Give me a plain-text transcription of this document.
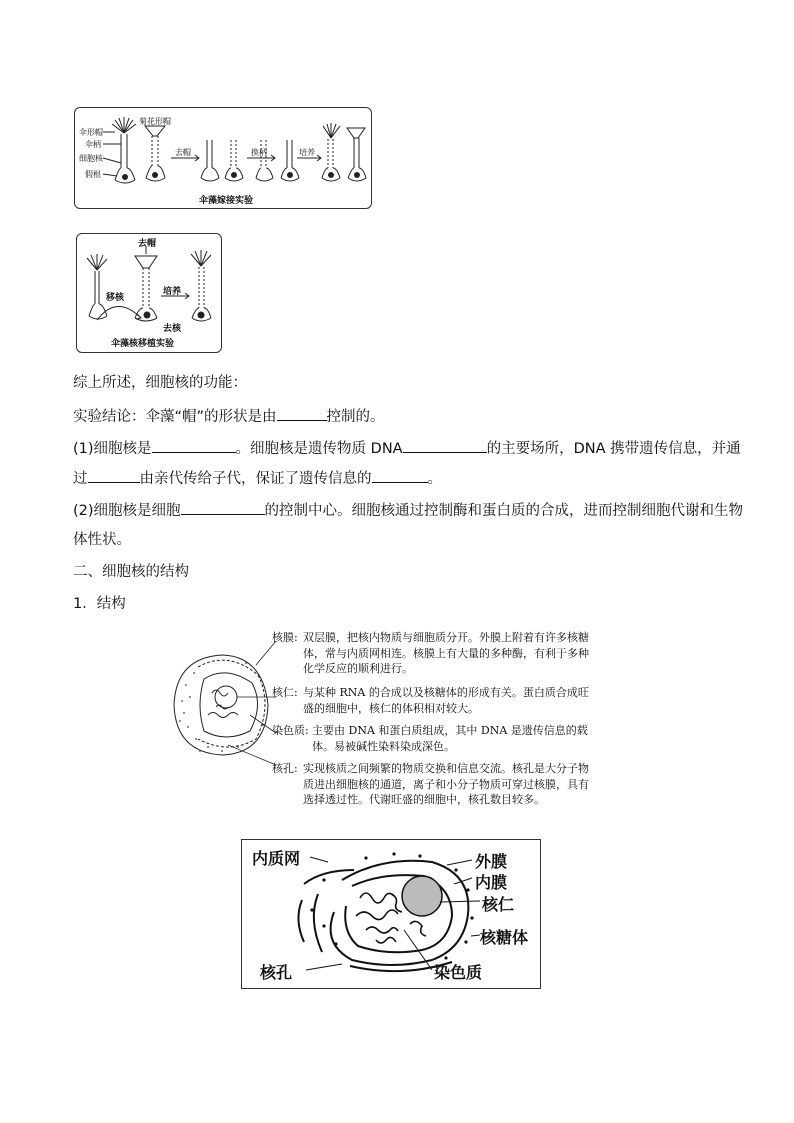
伞形帽
伞柄
细胞核
假根
菊花形帽
去帽	换柄	培养
伞藻嫁接实验
去帽
移核
培养
去核
伞藻核移植实验
综上所述，细胞核的功能：
实验结论：伞藻“帽”的形状是由	控制的。
(1)细胞核是	。细胞核是遗传物质 DNA	的主要场所，DNA 携带遗传信息，并通
过	由亲代传给子代，保证了遗传信息的	。
(2)细胞核是细胞	的控制中心。细胞核通过控制酶和蛋白质的合成，进而控制细胞代谢和生物
体性状。
二、细胞核的结构
1．结构
核膜: 双层膜，把核内物质与细胞质分开。外膜上附着有许多核糖
体，常与内质网相连。核膜上有大量的多种酶，有利于多种
化学反应的顺利进行。
核仁: 与某种 RNA 的合成以及核糖体的形成有关。蛋白质合成旺
盛的细胞中，核仁的体积相对较大。
染色质: 主要由 DNA 和蛋白质组成，其中 DNA 是遗传信息的载
体。易被碱性染料染成深色。
核孔: 实现核质之间频繁的物质交换和信息交流。核孔是大分子物
质进出细胞核的通道，离子和小分子物质可穿过核膜，具有
选择透过性。代谢旺盛的细胞中，核孔数目较多。
内质网	外膜
内膜
核仁
核糖体
核孔	染色质
